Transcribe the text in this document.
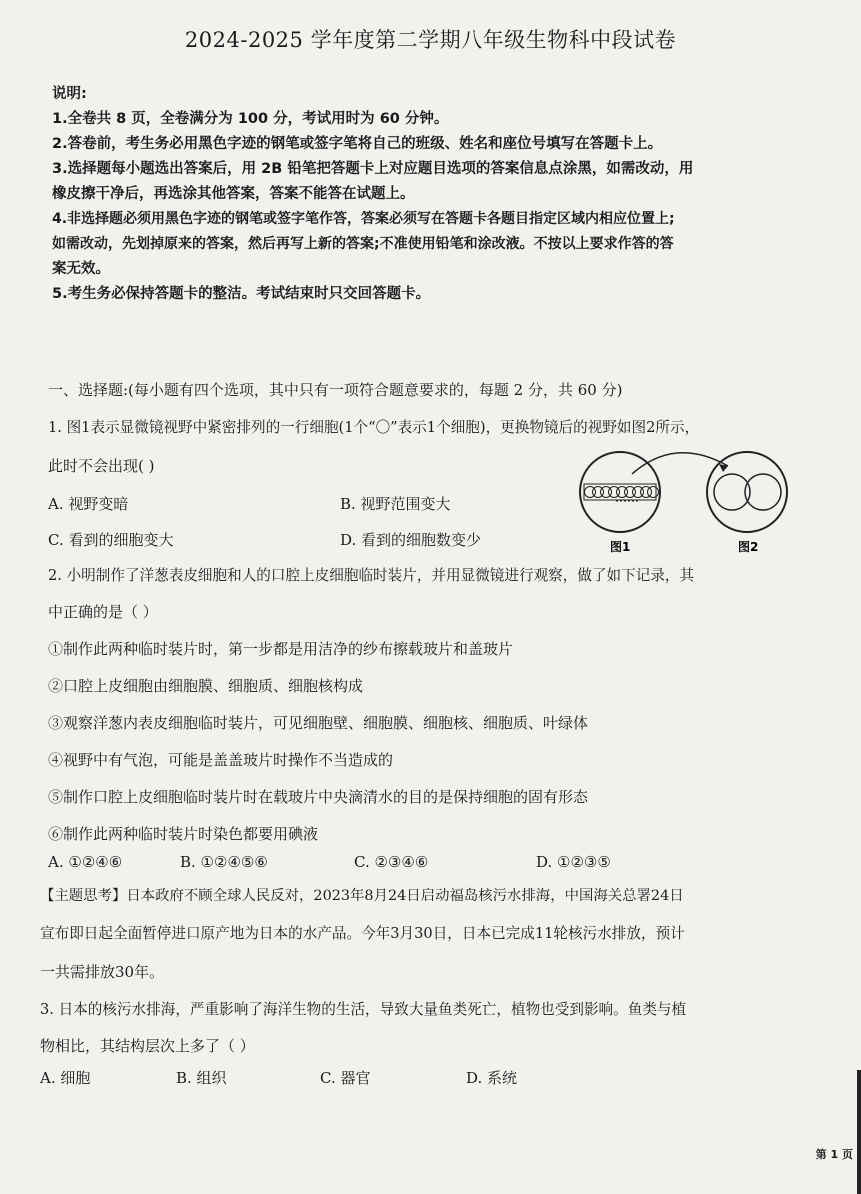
2024-2025 学年度第二学期八年级生物科中段试卷
说明:
1.全卷共 8 页，全卷满分为 100 分，考试用时为 60 分钟。
2.答卷前，考生务必用黑色字迹的钢笔或签字笔将自己的班级、姓名和座位号填写在答题卡上。
3.选择题每小题选出答案后，用 2B 铅笔把答题卡上对应题目选项的答案信息点涂黑，如需改动，用
橡皮擦干净后，再选涂其他答案，答案不能答在试题上。
4.非选择题必须用黑色字迹的钢笔或签字笔作答，答案必须写在答题卡各题目指定区域内相应位置上;
如需改动，先划掉原来的答案，然后再写上新的答案;不准使用铅笔和涂改液。不按以上要求作答的答
案无效。
5.考生务必保持答题卡的整洁。考试结束时只交回答题卡。
一、选择题:(每小题有四个选项，其中只有一项符合题意要求的，每题 2 分，共 60 分)
1. 图1表示显微镜视野中紧密排列的一行细胞(1个“〇”表示1个细胞)，更换物镜后的视野如图2所示，
此时不会出现( )
A. 视野变暗	B. 视野范围变大
C. 看到的细胞变大	D. 看到的细胞数变少	图1	图2
2. 小明制作了洋葱表皮细胞和人的口腔上皮细胞临时装片，并用显微镜进行观察，做了如下记录，其
中正确的是（ ）
①制作此两种临时装片时，第一步都是用洁净的纱布擦载玻片和盖玻片
②口腔上皮细胞由细胞膜、细胞质、细胞核构成
③观察洋葱内表皮细胞临时装片，可见细胞壁、细胞膜、细胞核、细胞质、叶绿体
④视野中有气泡，可能是盖盖玻片时操作不当造成的
⑤制作口腔上皮细胞临时装片时在载玻片中央滴清水的目的是保持细胞的固有形态
⑥制作此两种临时装片时染色都要用碘液
A. ①②④⑥	B. ①②④⑤⑥	C. ②③④⑥	D. ①②③⑤
【主题思考】日本政府不顾全球人民反对，2023年8月24日启动福岛核污水排海，中国海关总署24日
宣布即日起全面暂停进口原产地为日本的水产品。今年3月30日，日本已完成11轮核污水排放，预计
一共需排放30年。
3. 日本的核污水排海，严重影响了海洋生物的生活，导致大量鱼类死亡，植物也受到影响。鱼类与植
物相比，其结构层次上多了（ ）
A. 细胞	B. 组织	C. 器官	D. 系统
第 1 页
